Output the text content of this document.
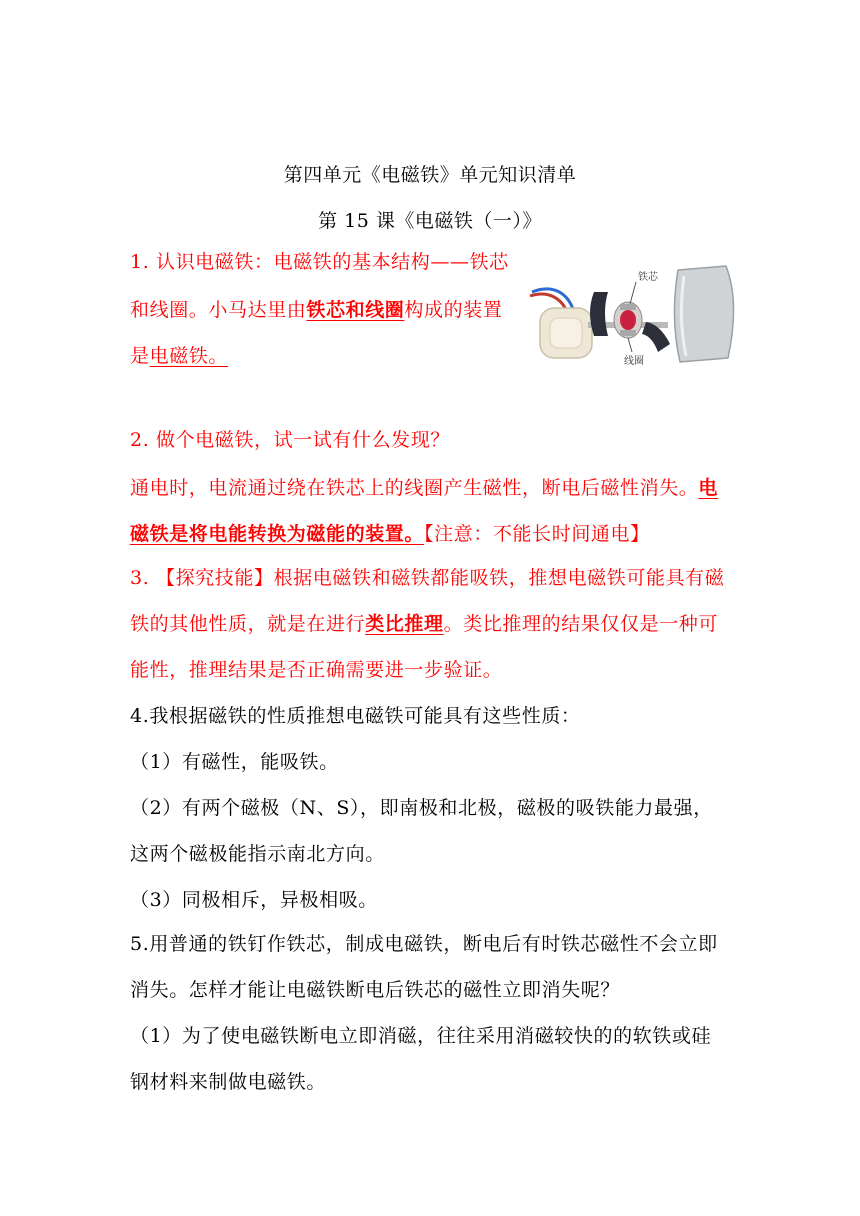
第四单元《电磁铁》单元知识清单
第 15 课《电磁铁（一）》
1. 认识电磁铁：电磁铁的基本结构——铁芯
和线圈。小马达里由铁芯和线圈构成的装置
是电磁铁。
铁芯
线圈
2. 做个电磁铁，试一试有什么发现？
通电时，电流通过绕在铁芯上的线圈产生磁性，断电后磁性消失。电
磁铁是将电能转换为磁能的装置。【注意：不能长时间通电】
3. 【探究技能】根据电磁铁和磁铁都能吸铁，推想电磁铁可能具有磁
铁的其他性质，就是在进行类比推理。类比推理的结果仅仅是一种可
能性，推理结果是否正确需要进一步验证。
4.我根据磁铁的性质推想电磁铁可能具有这些性质：
（1）有磁性，能吸铁。
（2）有两个磁极（N、S），即南极和北极，磁极的吸铁能力最强，
这两个磁极能指示南北方向。
（3）同极相斥，异极相吸。
5.用普通的铁钉作铁芯，制成电磁铁，断电后有时铁芯磁性不会立即
消失。怎样才能让电磁铁断电后铁芯的磁性立即消失呢？
（1）为了使电磁铁断电立即消磁，往往采用消磁较快的的软铁或硅
钢材料来制做电磁铁。
